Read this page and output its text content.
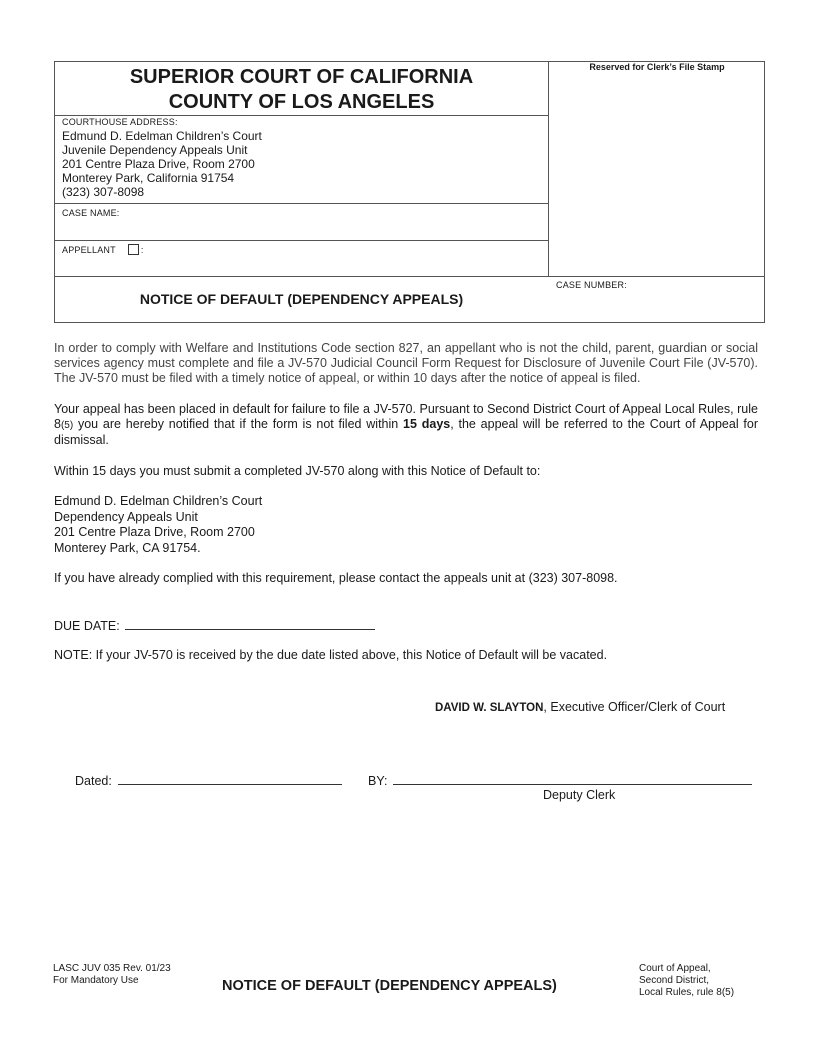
SUPERIOR COURT OF CALIFORNIA
COUNTY OF LOS ANGELES
Reserved for Clerk’s File Stamp
COURTHOUSE ADDRESS:
Edmund D. Edelman Children’s Court
Juvenile Dependency Appeals Unit
201 Centre Plaza Drive, Room 2700
Monterey Park, California 91754
(323) 307-8098
CASE NAME:
APPELLANT	:
NOTICE OF DEFAULT (DEPENDENCY APPEALS)
CASE NUMBER:
In order to comply with Welfare and Institutions Code section 827, an appellant who is not the child, parent, guardian or social services agency must complete and file a JV-570 Judicial Council Form Request for Disclosure of Juvenile Court File (JV-570). The JV-570 must be filed with a timely notice of appeal, or within 10 days after the notice of appeal is filed.
Your appeal has been placed in default for failure to file a JV-570. Pursuant to Second District Court of Appeal Local Rules, rule 8(5) you are hereby notified that if the form is not filed within 15 days, the appeal will be referred to the Court of Appeal for dismissal.
Within 15 days you must submit a completed JV-570 along with this Notice of Default to:
Edmund D. Edelman Children’s Court
Dependency Appeals Unit
201 Centre Plaza Drive, Room 2700
Monterey Park, CA 91754.
If you have already complied with this requirement, please contact the appeals unit at (323) 307-8098.
DUE DATE:
NOTE: If your JV-570 is received by the due date listed above, this Notice of Default will be vacated.
DAVID W. SLAYTON, Executive Officer/Clerk of Court
Dated:	BY:
Deputy Clerk
LASC JUV 035 Rev. 01/23
For Mandatory Use	NOTICE OF DEFAULT (DEPENDENCY APPEALS)
Court of Appeal,
Second District,
Local Rules, rule 8(5)
